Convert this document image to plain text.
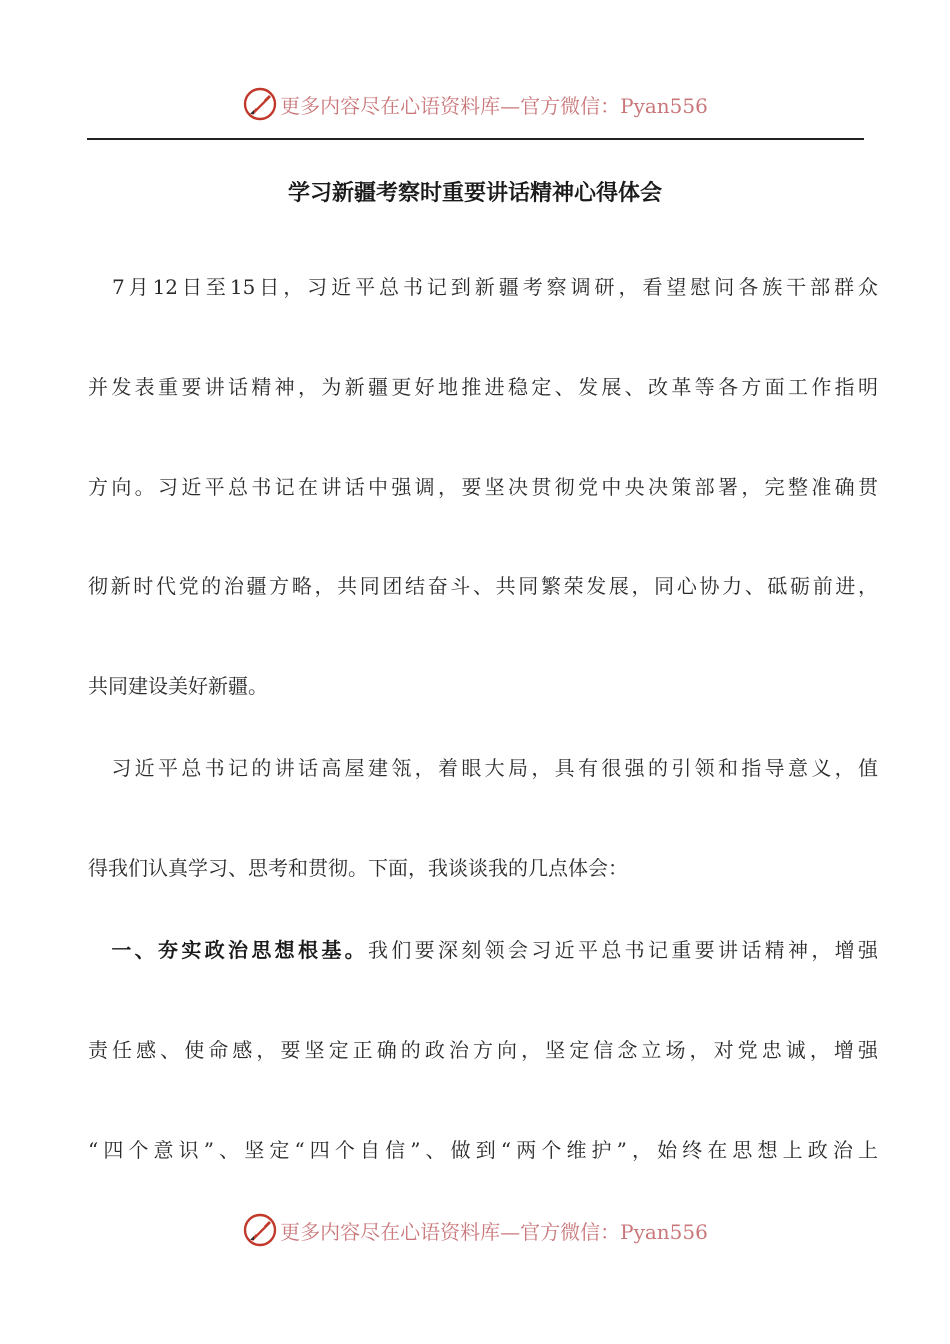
更多内容尽在心语资料库—官方微信：Pyan556
学习新疆考察时重要讲话精神心得体会
　7月12日至15日，习近平总书记到新疆考察调研，看望慰问各族干部群众
并发表重要讲话精神，为新疆更好地推进稳定、发展、改革等各方面工作指明
方向。习近平总书记在讲话中强调，要坚决贯彻党中央决策部署，完整准确贯
彻新时代党的治疆方略，共同团结奋斗、共同繁荣发展，同心协力、砥砺前进，
共同建设美好新疆。
　习近平总书记的讲话高屋建瓴，着眼大局，具有很强的引领和指导意义，值
得我们认真学习、思考和贯彻。下面，我谈谈我的几点体会：
　一、夯实政治思想根基。我们要深刻领会习近平总书记重要讲话精神，增强
责任感、使命感，要坚定正确的政治方向，坚定信念立场，对党忠诚，增强
“四个意识”、坚定“四个自信”、做到“两个维护”，始终在思想上政治上
更多内容尽在心语资料库—官方微信：Pyan556
